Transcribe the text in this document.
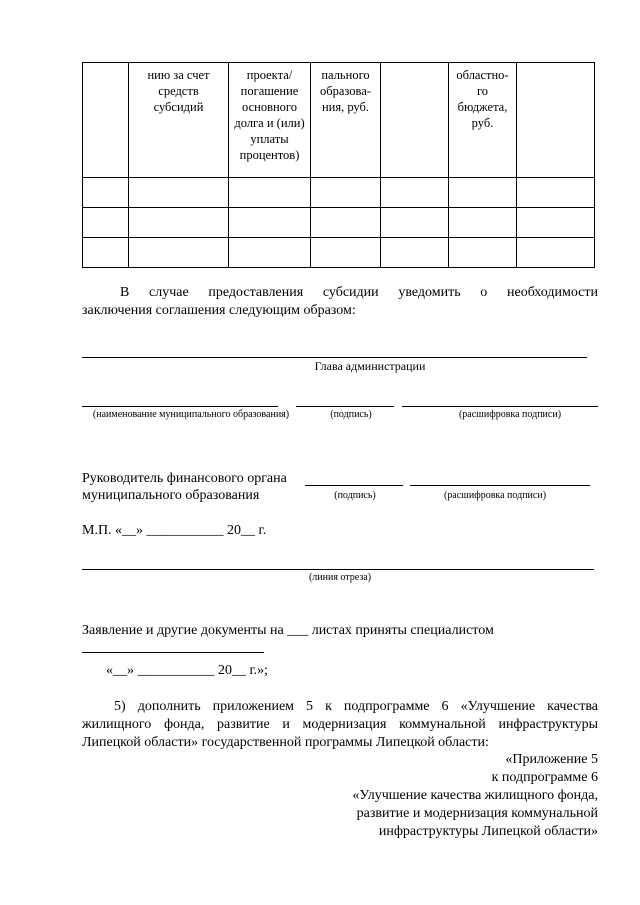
	нию за счет средств субсидий	проекта/ погашение основного долга и (или) уплаты процентов)	пального образова-ния, руб.		областно-го бюджета, руб.	

В случае предоставления субсидии уведомить о необходимости
заключения соглашения следующим образом:
Глава администрации
(наименование муниципального образования)	(подпись)	(расшифровка подписи)
Руководитель финансового органа
муниципального образования	(подпись)	(расшифровка подписи)
М.П. «__» ___________ 20__ г.
(линия отреза)
Заявление и другие документы на ___ листах приняты специалистом
«__» ___________ 20__ г.»;
5) дополнить приложением 5 к подпрограмме 6 «Улучшение качества
жилищного фонда, развитие и модернизация коммунальной инфраструктуры
Липецкой области» государственной программы Липецкой области:
«Приложение 5
к подпрограмме 6
«Улучшение качества жилищного фонда,
развитие и модернизация коммунальной
инфраструктуры Липецкой области»
